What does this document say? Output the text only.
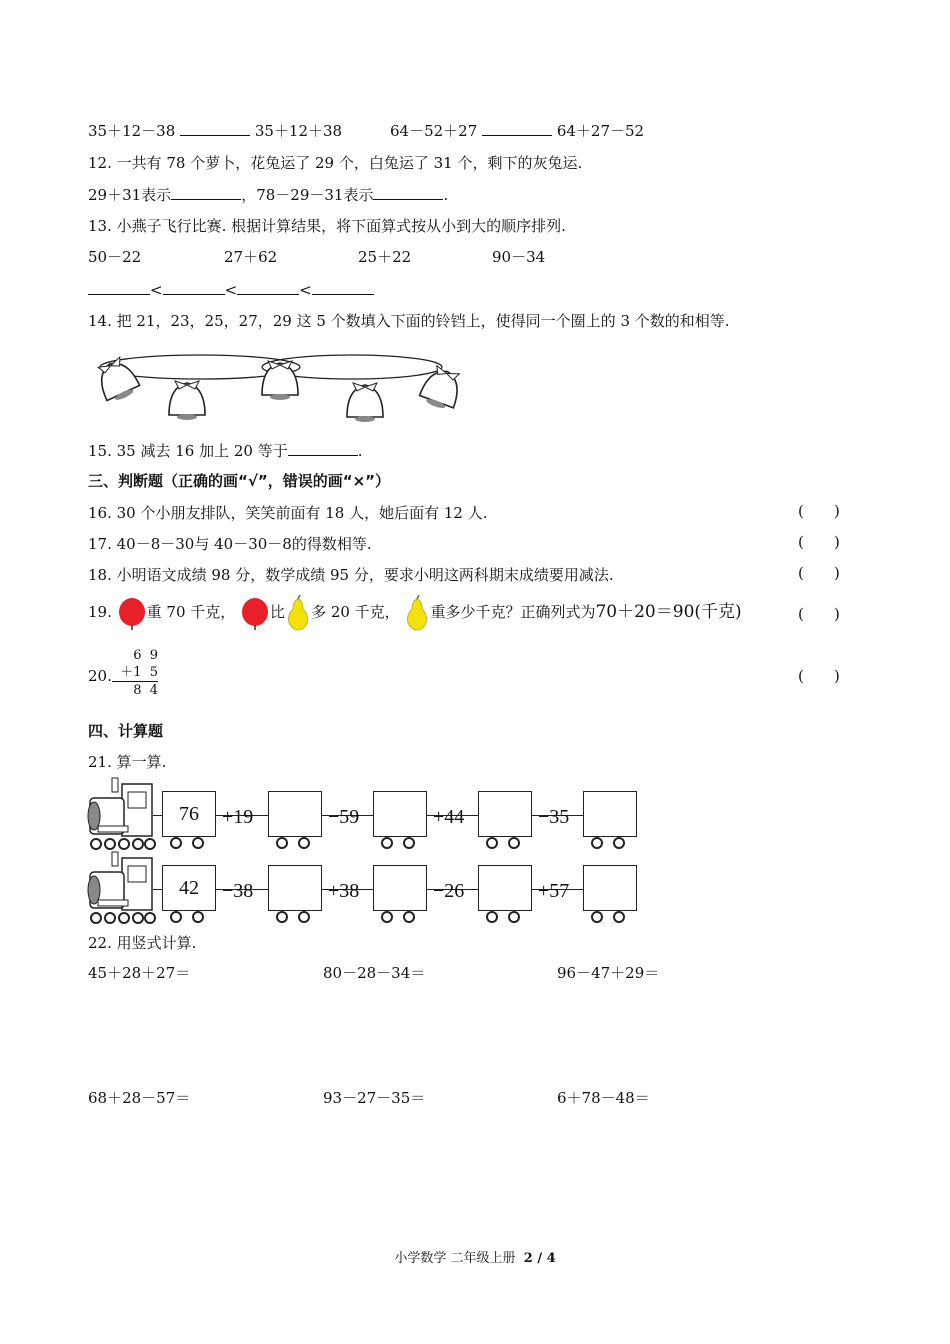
35＋12－38	35＋12＋38	64－52＋27	64＋27－52
12. 一共有 78 个萝卜，花兔运了 29 个，白兔运了 31 个，剩下的灰兔运.
29＋31表示	，78－29－31表示	.
13. 小燕子飞行比赛. 根据计算结果，将下面算式按从小到大的顺序排列.
50－22	27＋62	25＋22	90－34
<	<	<
14. 把 21，23，25，27，29 这 5 个数填入下面的铃铛上，使得同一个圈上的 3 个数的和相等.
15. 35 减去 16 加上 20 等于	.
三、判断题（正确的画“√”，错误的画“×”）
16. 30 个小朋友排队，笑笑前面有 18 人，她后面有 12 人.	( )
17. 40－8－30与 40－30－8的得数相等.	( )
18. 小明语文成绩 98 分，数学成绩 95 分，要求小明这两科期末成绩要用减法.	( )
19. 重 70 千克， 比 多 20 千克， 重多少千克？正确列式为70＋20＝90(千克)	( )
20.
6  9
＋1  5
8  4
( )
四、计算题
21. 算一算.
76	+19	−59	+44	−35
42	−38	+38	−26	+57
22. 用竖式计算.
45＋28＋27＝	80－28－34＝	96－47＋29＝
68＋28－57＝	93－27－35＝	6＋78－48＝
小学数学 二年级上册 2 / 4
